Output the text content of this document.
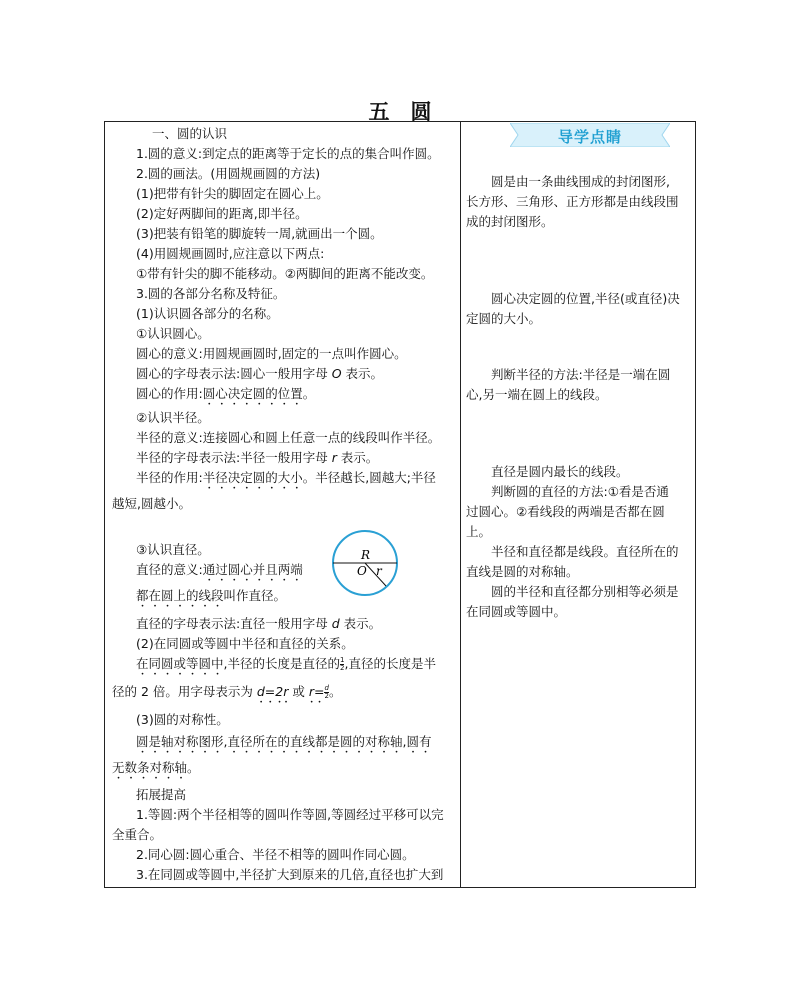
五　圆
导学点睛
一、圆的认识
1.圆的意义:到定点的距离等于定长的点的集合叫作圆。
2.圆的画法。(用圆规画圆的方法)
(1)把带有针尖的脚固定在圆心上。
(2)定好两脚间的距离,即半径。
(3)把装有铅笔的脚旋转一周,就画出一个圆。
(4)用圆规画圆时,应注意以下两点:
①带有针尖的脚不能移动。②两脚间的距离不能改变。
3.圆的各部分名称及特征。
(1)认识圆各部分的名称。
①认识圆心。
圆心的意义:用圆规画圆时,固定的一点叫作圆心。
圆心的字母表示法:圆心一般用字母 O 表示。
圆心的作用:圆心决定圆的位置。
②认识半径。
半径的意义:连接圆心和圆上任意一点的线段叫作半径。
半径的字母表示法:半径一般用字母 r 表示。
半径的作用:半径决定圆的大小。半径越长,圆越大;半径
越短,圆越小。
③认识直径。
直径的意义:通过圆心并且两端
都在圆上的线段叫作直径。
直径的字母表示法:直径一般用字母 d 表示。
(2)在同圆或等圆中半径和直径的关系。
在同圆或等圆中,半径的长度是直径的 $\frac{1}{2}$ ,直径的长度是半
径的 2 倍。用字母表示为 d=2r 或 $r=\frac{d}{2}$ 。
(3)圆的对称性。
圆是轴对称图形,直径所在的直线都是圆的对称轴,圆有
无数条对称轴。
拓展提高
1.等圆:两个半径相等的圆叫作等圆,等圆经过平移可以完
全重合。
2.同心圆:圆心重合、半径不相等的圆叫作同心圆。
3.在同圆或等圆中,半径扩大到原来的几倍,直径也扩大到
R
O r
　　圆是由一条曲线围成的封闭图形,
长方形、三角形、正方形都是由线段围
成的封闭图形。
　　圆心决定圆的位置,半径(或直径)决
定圆的大小。
　　判断半径的方法:半径是一端在圆
心,另一端在圆上的线段。
　　直径是圆内最长的线段。
　　判断圆的直径的方法:①看是否通
过圆心。②看线段的两端是否都在圆
上。
　　半径和直径都是线段。直径所在的
直线是圆的对称轴。
　　圆的半径和直径都分别相等必须是
在同圆或等圆中。
